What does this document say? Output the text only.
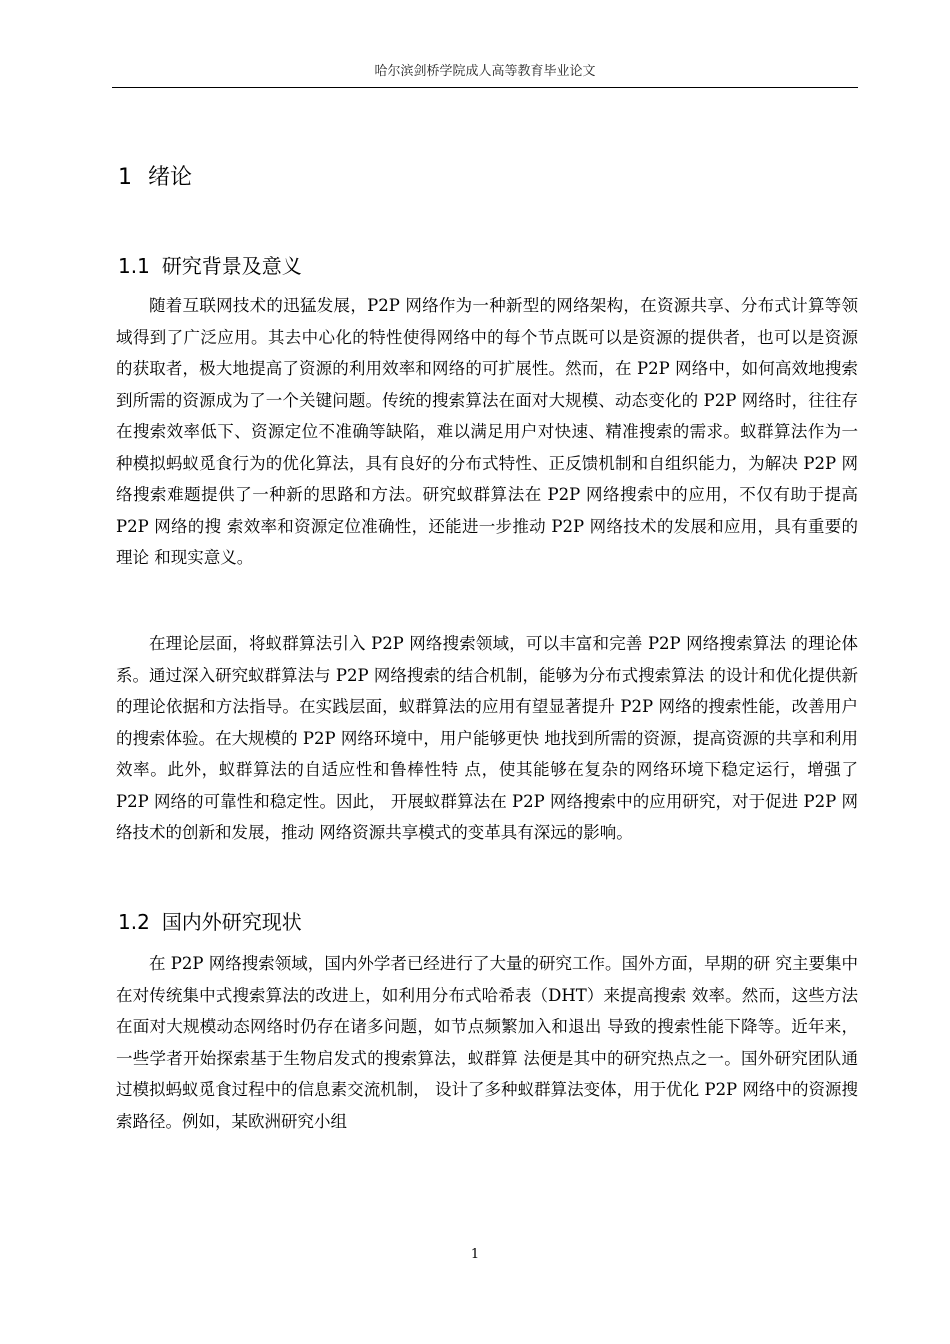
哈尔滨剑桥学院成人高等教育毕业论文
1 绪论
1.1 研究背景及意义

随着互联网技术的迅猛发展，P2P 网络作为一种新型的网络架构，在资源共享、分布式计算等领域得到了广泛应用。其去中心化的特性使得网络中的每个节点既可以是资源的提供者，也可以是资源的获取者，极大地提高了资源的利用效率和网络的可扩展性。然而，在 P2P 网络中，如何高效地搜索到所需的资源成为了一个关键问题。传统的搜索算法在面对大规模、动态变化的 P2P 网络时，往往存在搜索效率低下、资源定位不准确等缺陷，难以满足用户对快速、精准搜索的需求。蚁群算法作为一种模拟蚂蚁觅食行为的优化算法，具有良好的分布式特性、正反馈机制和自组织能力，为解决 P2P 网络搜索难题提供了一种新的思路和方法。研究蚁群算法在 P2P 网络搜索中的应用，不仅有助于提高 P2P 网络的搜 索效率和资源定位准确性，还能进一步推动 P2P 网络技术的发展和应用，具有重要的理论 和现实意义。

在理论层面，将蚁群算法引入 P2P 网络搜索领域，可以丰富和完善 P2P 网络搜索算法 的理论体系。通过深入研究蚁群算法与 P2P 网络搜索的结合机制，能够为分布式搜索算法 的设计和优化提供新的理论依据和方法指导。在实践层面，蚁群算法的应用有望显著提升 P2P 网络的搜索性能，改善用户的搜索体验。在大规模的 P2P 网络环境中，用户能够更快 地找到所需的资源，提高资源的共享和利用效率。此外，蚁群算法的自适应性和鲁棒性特 点，使其能够在复杂的网络环境下稳定运行，增强了 P2P 网络的可靠性和稳定性。因此， 开展蚁群算法在 P2P 网络搜索中的应用研究，对于促进 P2P 网络技术的创新和发展，推动 网络资源共享模式的变革具有深远的影响。

1.2 国内外研究现状

在 P2P 网络搜索领域，国内外学者已经进行了大量的研究工作。国外方面，早期的研 究主要集中在对传统集中式搜索算法的改进上，如利用分布式哈希表（DHT）来提高搜索 效率。然而，这些方法在面对大规模动态网络时仍存在诸多问题，如节点频繁加入和退出 导致的搜索性能下降等。近年来，一些学者开始探索基于生物启发式的搜索算法，蚁群算 法便是其中的研究热点之一。国外研究团队通过模拟蚂蚁觅食过程中的信息素交流机制， 设计了多种蚁群算法变体，用于优化 P2P 网络中的资源搜索路径。例如，某欧洲研究小组

1
